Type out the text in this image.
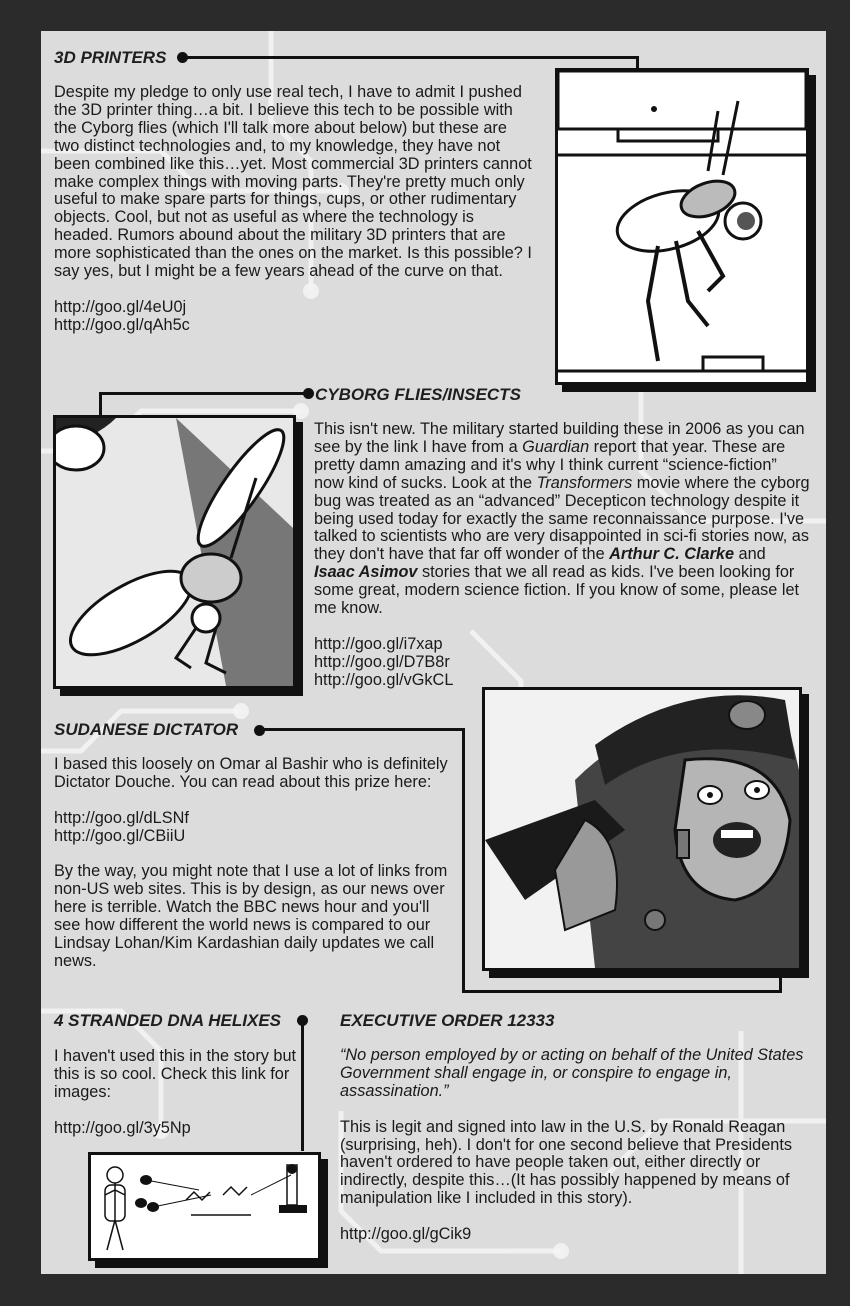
3D PRINTERS

Despite my pledge to only use real tech, I have to admit I pushed the 3D printer thing…a bit. I believe this tech to be possible with the Cyborg flies (which I'll talk more about below) but these are two distinct technologies and, to my knowledge, they have not been combined like this…yet. Most commercial 3D printers cannot make complex things with moving parts. They're pretty much only useful to make spare parts for things, cups, or other rudimentary objects. Cool, but not as useful as where the technology is headed. Rumors abound about the military 3D printers that are more sophisticated than the ones on the market. Is this possible? I say yes, but I might be a few years ahead of the curve on that.

http://goo.gl/4eU0j
http://goo.gl/qAh5c

CYBORG FLIES/INSECTS

This isn't new. The military started building these in 2006 as you can see by the link I have from a Guardian report that year. These are pretty damn amazing and it's why I think current “science-fiction” now kind of sucks. Look at the Transformers movie where the cyborg bug was treated as an “advanced” Decepticon technology despite it being used today for exactly the same reconnaissance purpose. I've talked to scientists who are very disappointed in sci-fi stories now, as they don't have that far off wonder of the Arthur C. Clarke and Isaac Asimov stories that we all read as kids. I've been looking for some great, modern science fiction. If you know of some, please let me know.

http://goo.gl/i7xap
http://goo.gl/D7B8r
http://goo.gl/vGkCL

SUDANESE DICTATOR

I based this loosely on Omar al Bashir who is definitely Dictator Douche. You can read about this prize here:

http://goo.gl/dLSNf
http://goo.gl/CBiiU

By the way, you might note that I use a lot of links from non-US web sites. This is by design, as our news over here is terrible. Watch the BBC news hour and you'll see how different the world news is compared to our Lindsay Lohan/Kim Kardashian daily updates we call news.

4 STRANDED DNA HELIXES

I haven't used this in the story but this is so cool. Check this link for images:

http://goo.gl/3y5Np

EXECUTIVE ORDER 12333

“No person employed by or acting on behalf of the United States Government shall engage in, or conspire to engage in, assassination.”

This is legit and signed into law in the U.S. by Ronald Reagan (surprising, heh). I don't for one second believe that Presidents haven't ordered to have people taken out, either directly or indirectly, despite this…(It has possibly happened by means of manipulation like I included in this story).

http://goo.gl/gCik9
